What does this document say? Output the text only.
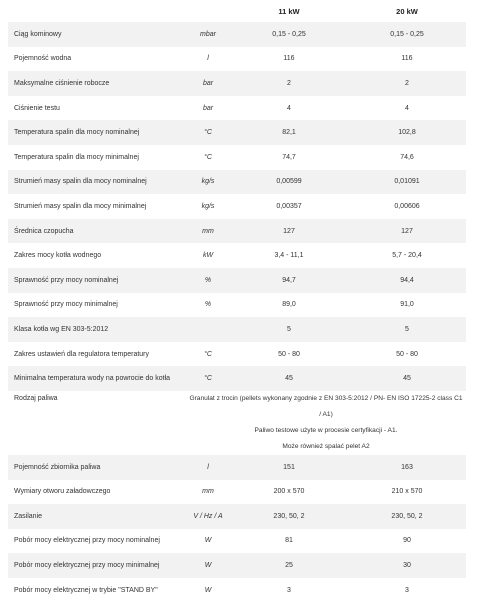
		11 kW	20 kW
Ciąg kominowy	mbar	0,15 - 0,25	0,15 - 0,25
Pojemność wodna	l	116	116
Maksymalne ciśnienie robocze	bar	2	2
Ciśnienie testu	bar	4	4
Temperatura spalin dla mocy nominalnej	°C	82,1	102,8
Temperatura spalin dla mocy minimalnej	°C	74,7	74,6
Strumień masy spalin dla mocy nominalnej	kg/s	0,00599	0,01091
Strumień masy spalin dla mocy minimalnej	kg/s	0,00357	0,00606
Średnica czopucha	mm	127	127
Zakres mocy kotła wodnego	kW	3,4 - 11,1	5,7 - 20,4
Sprawność przy mocy nominalnej	%	94,7	94,4
Sprawność przy mocy minimalnej	%	89,0	91,0
Klasa kotła wg EN 303-5:2012		5	5
Zakres ustawień dla regulatora temperatury	°C	50 - 80	50 - 80
Minimalna temperatura wody na powrocie do kotła	°C	45	45
Rodzaj paliwa	Granulat z trocin (pellets wykonany zgodnie z EN 303-5:2012 / PN- EN ISO 17225-2 class C1 / A1)
Paliwo testowe użyte w procesie certyfikacji - A1.
Może również spalać pelet A2		

Pojemność zbiornika paliwa	l	151	163
Wymiary otworu załadowczego	mm	200 x 570	210 x 570
Zasilanie	V / Hz / A	230, 50, 2	230, 50, 2
Pobór mocy elektrycznej przy mocy nominalnej	W	81	90
Pobór mocy elektrycznej przy mocy minimalnej	W	25	30
Pobór mocy elektrycznej w trybie "STAND BY"	W	3	3
